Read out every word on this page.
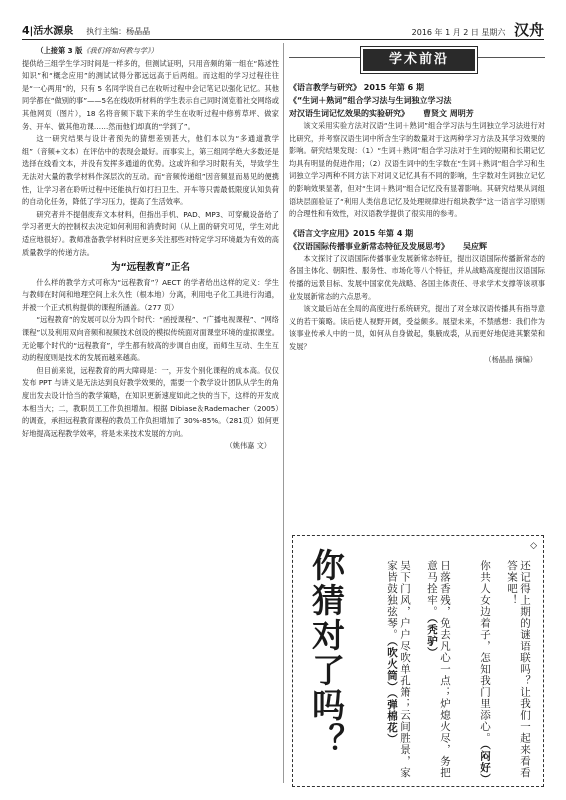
4|活水源泉 执行主编：杨晶晶	2016 年 1 月 2 日 星期六 汉舟

（上接第 3 版《我们将如何教与学》）

提供给三组学生学习时间是一样多的，但测试证明，只用音频的第一组在“陈述性知识”和“概念应用”的测试试得分都远远高于后两组。而这组的学习过程往往是“一心两用”的，只有 5 名同学说自己在收听过程中会记笔记以强化记忆。其他同学都在“做别的事”——5名在线收听材料的学生表示自己同时浏览着社交网络或其他网页（图片），18 名将音频下载下来的学生在收听过程中修剪草坪、做家务、开车、做其他功课……然而他们却真的“学到了”。

这一研究结果与设计者预先的猜想差别甚大，他们本以为“多通道教学组”（音频+文本）在评估中的表现会最好。而事实上，第三组同学绝大多数还是选择在线看文本，并没有发挥多通道的优势。这或许和学习时限有关，导致学生无法对大量的教学材料作深层次的互动。而“音频传递组”因音频显而易见的便携性，让学习者在聆听过程中还能执行如打扫卫生、开车等只需最低限度认知负荷的自动化任务，降低了学习压力，提高了生活效率。

研究者并不提倡废弃文本材料，但指出手机、PAD、MP3、可穿戴设备给了学习者更大的控制权去决定如何利用和消费时间（从上面的研究可见，学生对此适应地很好）。教师准备教学材料时应更多关注那些对特定学习环境最为有效的高质量教学的传递方法。

为“远程教育”正名

什么样的教学方式可称为“远程教育”？AECT 的学者给出这样的定义：学生与教师在时间和地理空间上永久性（根本地）分离，利用电子化工具进行沟通，并被一个正式机构提供的课程所涵盖。（277 页）

“远程教育”的发展可以分为四个时代：“函授课程”、“广播电视课程”、“网络课程”以及利用双向音频和视频技术创设的模拟传统面对面课堂环境的虚拟课堂。无论哪个时代的“远程教育”，学生都有较高的步调自由度，而师生互动、生生互动的程度则是技术的发展而越来越高。

但目前来说，远程教育的两大障碍是：一，开发个别化课程的成本高。仅仅发布 PPT 与讲义是无法达到良好教学效果的，需要一个教学设计团队从学生的角度出发去设计恰当的教学策略，在知识更新速度如此之快的当下，这样的开发成本相当大；二，教职员工工作负担增加。根据 Dibiase＆Rademacher（2005）的调查，承担远程教育课程的教员工作负担增加了 30%-85%。（281页）如何更好地提高远程教学效率，将是未来技术发展的方向。

（姚伟嘉 文）

学术前沿
《语言教学与研究》 2015 年第 6 期
《“生词＋熟词”组合学习法与生词独立学习法
对汉语生词记忆效果的实验研究》 曹贤文 周明芳

该文采用实验方法对汉语“生词＋熟词”组合学习法与生词独立学习法进行对比研究，并考察汉语生词中所含生字的数量对于这两种学习方法及其学习效果的影响。研究结果发现：（1）“生词＋熟词”组合学习法对于生词的短期和长期记忆均具有明显的促进作用；（2）汉语生词中的生字数在“生词＋熟词”组合学习和生词独立学习两种不同方法下对词义记忆具有不同的影响，生字数对生词独立记忆的影响效果显著，但对“生词＋熟词”组合记忆没有显著影响。其研究结果从词组语块层面验证了“利用人类信息记忆及处理规律进行组块教学”这一语言学习原则的合理性和有效性，对汉语教学提供了很实用的参考。

《语言文字应用》2015 年第 4 期
《汉语国际传播事业新常态特征及发展思考》 吴应辉

本文探讨了汉语国际传播事业发展新常态特征，提出汉语国际传播新常态的各国主体化、朝阳性、服务性、市场化等八个特征，并从战略高度提出汉语国际传播的远景目标、发展中国家优先战略、各国主体责任、寻求学术支撑等该项事业发展新常态的六点思考。

该文最后站在全局的高度进行系统研究，提出了对全球汉语传播具有指导意义的若干策略。读后使人视野开阔，受益颇多。展望未来，不禁感想：我们作为该事业传承人中的一员，如何从自身做起，集腋成裘，从而更好地促进其繁荣和发展？

（杨晶晶 摘编）

◇
你猜对了吗？	还记得上期的谜语联吗？让我们一起来看看答案吧！
你共人女边着子，怎知我门里添心。（闷好）
日落香残，免去凡心一点；炉熄火尽，务把意马拴牢。（秃驴）
吴下门风，户户尽吹单孔箫；云间胜景，家家皆鼓独弦琴。（吹火筒）（弹棉花）
